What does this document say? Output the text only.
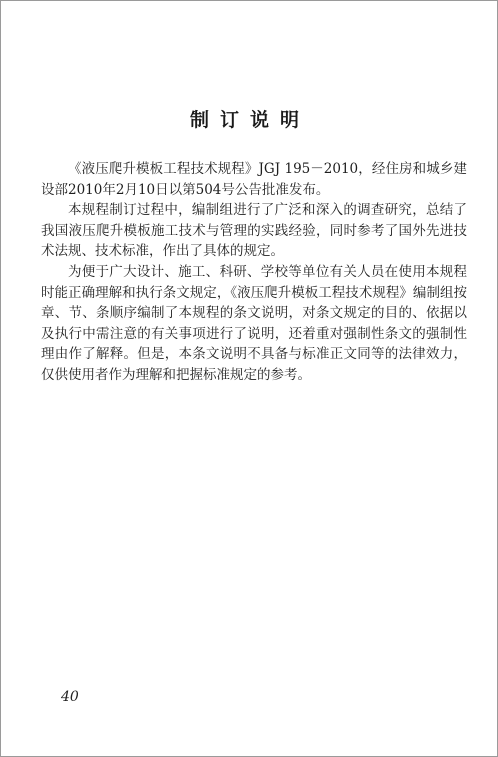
制订说明

《液压爬升模板工程技术规程》JGJ 195－2010，经住房和城乡建设部2010年2月10日以第504号公告批准发布。

本规程制订过程中，编制组进行了广泛和深入的调查研究，总结了我国液压爬升模板施工技术与管理的实践经验，同时参考了国外先进技术法规、技术标准，作出了具体的规定。

为便于广大设计、施工、科研、学校等单位有关人员在使用本规程时能正确理解和执行条文规定，《液压爬升模板工程技术规程》编制组按章、节、条顺序编制了本规程的条文说明，对条文规定的目的、依据以及执行中需注意的有关事项进行了说明，还着重对强制性条文的强制性理由作了解释。但是，本条文说明不具备与标准正文同等的法律效力，仅供使用者作为理解和把握标准规定的参考。

40
